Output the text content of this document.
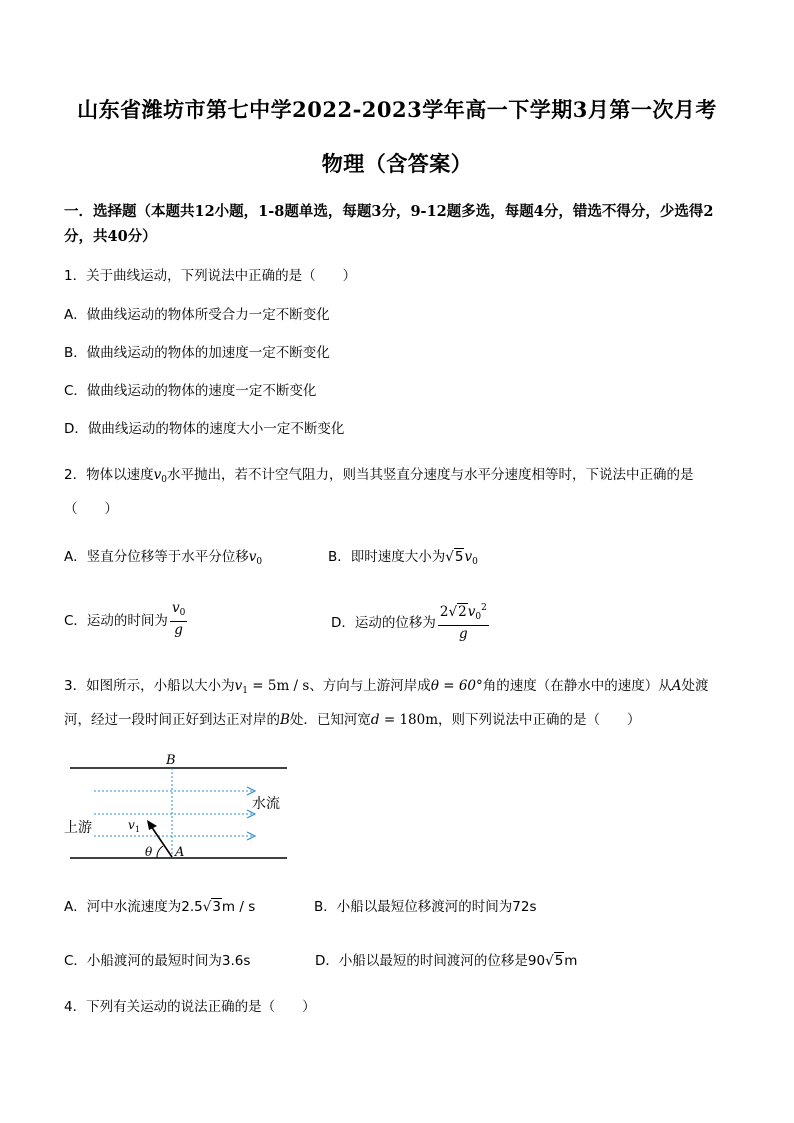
山东省潍坊市第七中学2022-2023学年高一下学期3月第一次月考
物理（含答案）
一．选择题（本题共12小题，1-8题单选，每题3分，9-12题多选，每题4分，错选不得分，少选得2分，共40分）
1．关于曲线运动，下列说法中正确的是（　　）
A．做曲线运动的物体所受合力一定不断变化
B．做曲线运动的物体的加速度一定不断变化
C．做曲线运动的物体的速度一定不断变化
D．做曲线运动的物体的速度大小一定不断变化
2．物体以速度$v_0$水平抛出，若不计空气阻力，则当其竖直分速度与水平分速度相等时，下说法中正确的是
（　　）
A．竖直分位移等于水平分位移$v_0$	B．即时速度大小为$√5v_0$
C．运动的时间为 $\frac{v_0}{g}$	D．运动的位移为 $\frac{2√2v_0^2}{g}$
3．如图所示，小船以大小为$v_1 = 5m / s$、方向与上游河岸成θ = 60°角的速度（在静水中的速度）从A处渡
河，经过一段时间正好到达正对岸的B处．已知河宽d = 180m，则下列说法中正确的是（　　）
B
A
水流
上游	v 1
θ
A．河中水流速度为2.5√3m / s	B．小船以最短位移渡河的时间为72s
C．小船渡河的最短时间为3.6s	D．小船以最短的时间渡河的位移是90√5m
4．下列有关运动的说法正确的是（　　）
